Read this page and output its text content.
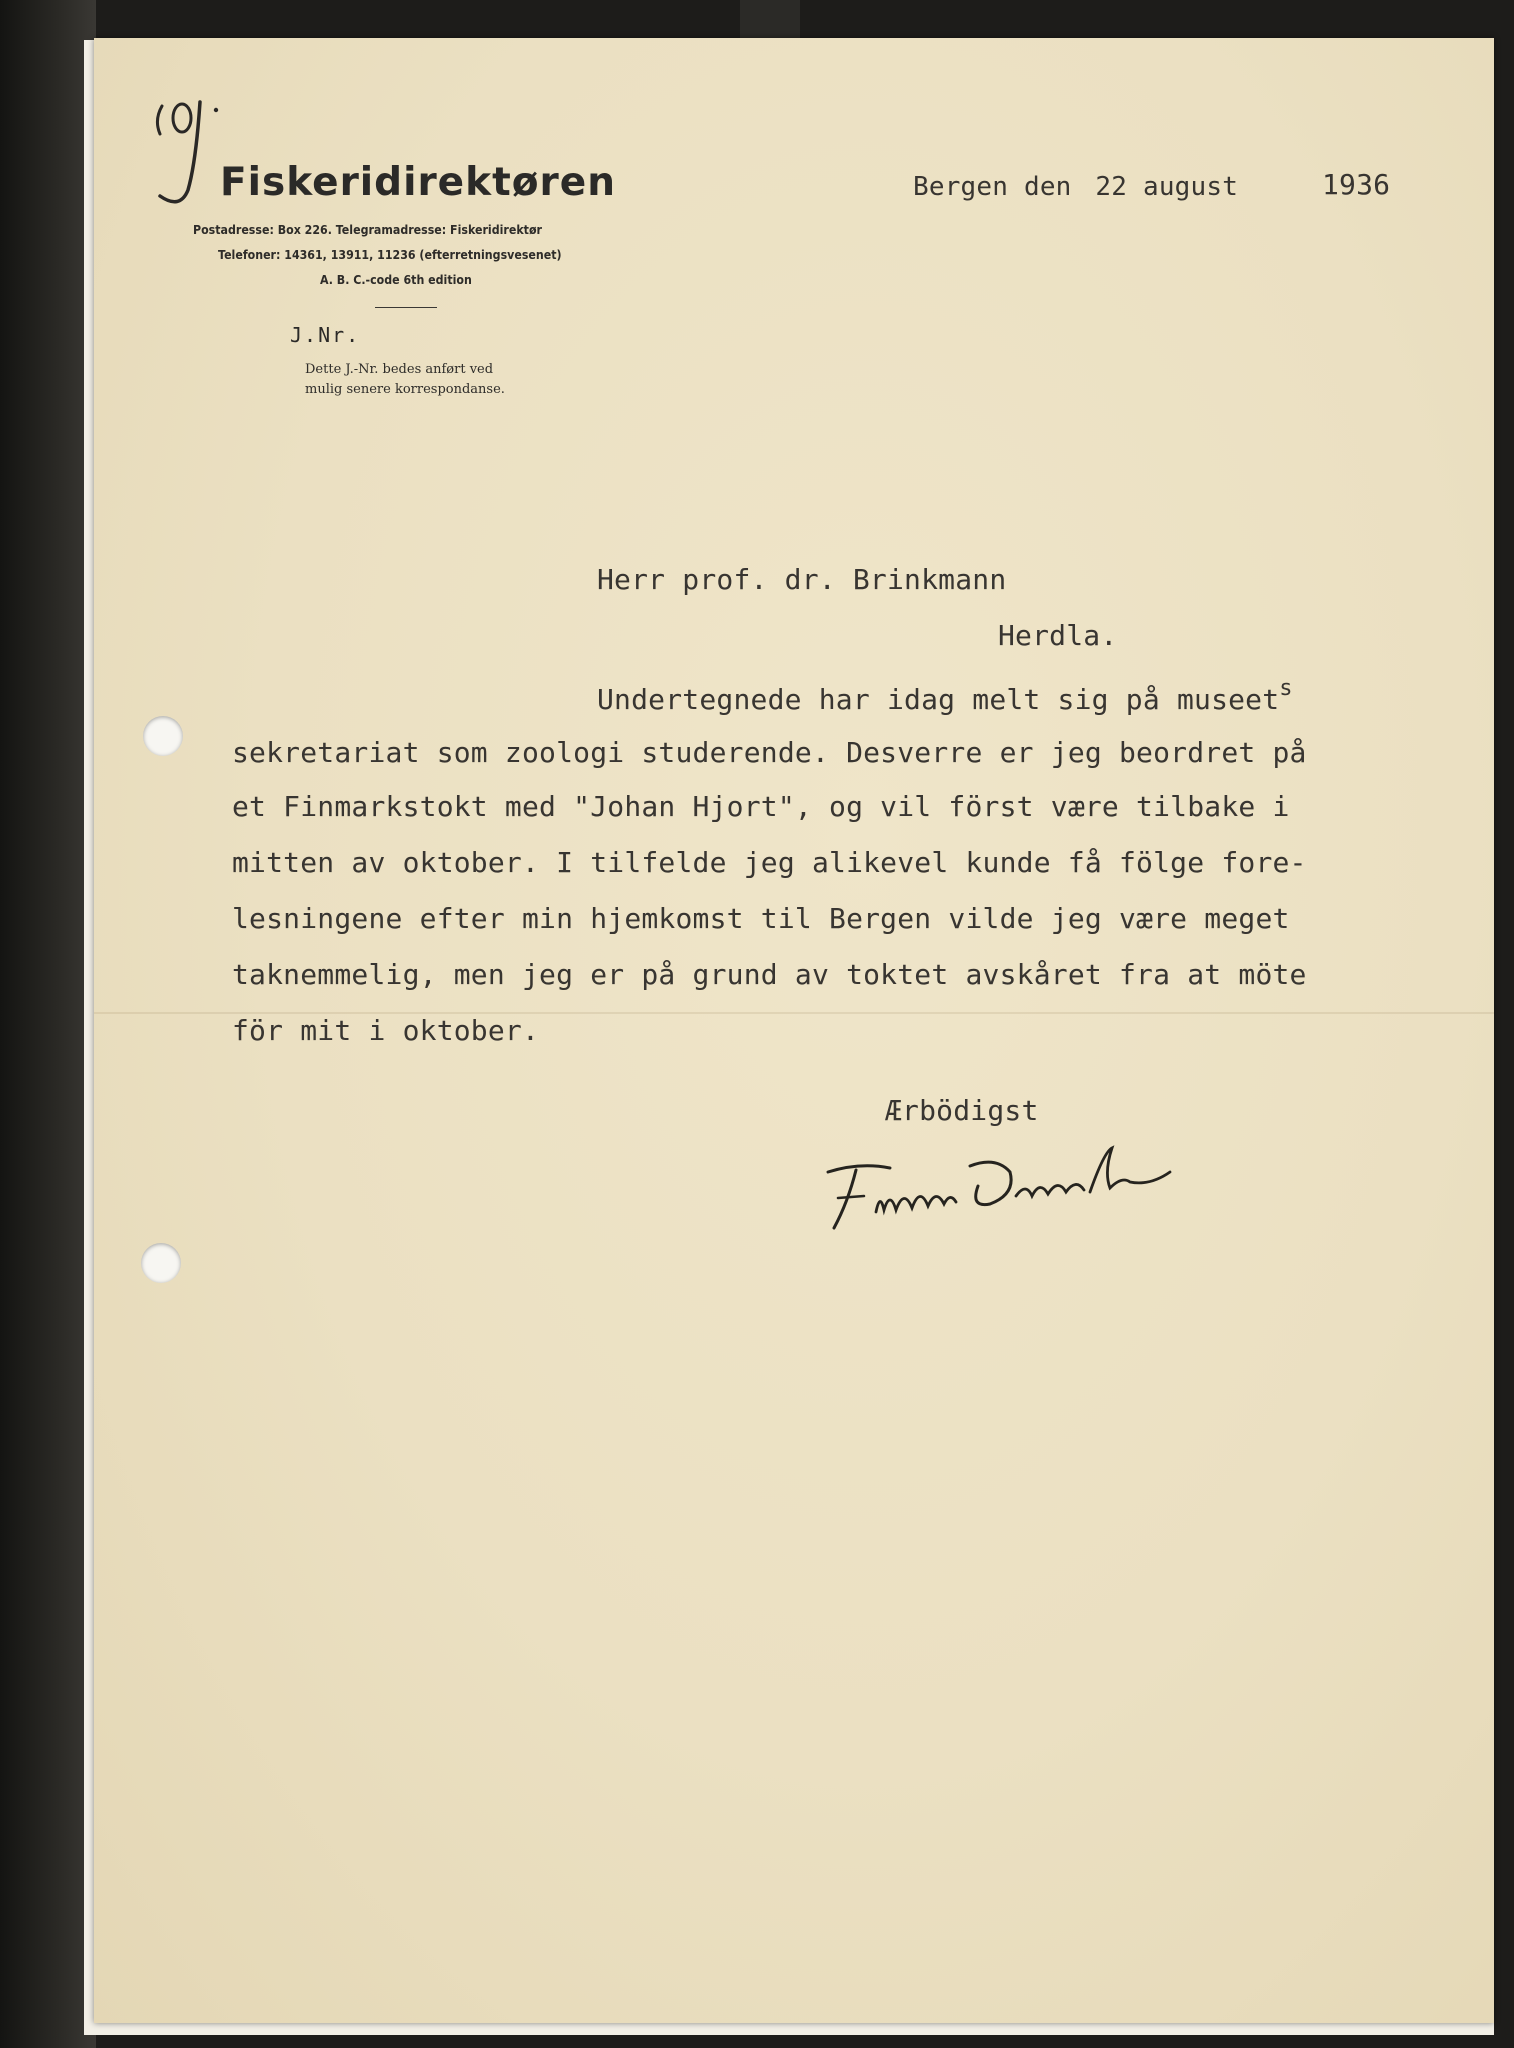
Fiskeridirektøren
Postadresse: Box 226. Telegramadresse: Fiskeridirektør
Telefoner: 14361, 13911, 11236 (efterretningsvesenet)
A. B. C.-code 6th edition
J.Nr.
Dette J.-Nr. bedes anført ved
mulig senere korrespondanse.
Bergen den 22 august	1936
Herr prof. dr. Brinkmann
Herdla.
Undertegnede har idag melt sig på museet$^s$
sekretariat som zoologi studerende. Desverre er jeg beordret på
et Finmarkstokt med "Johan Hjort", og vil först være tilbake i
mitten av oktober. I tilfelde jeg alikevel kunde få fölge fore-
lesningene efter min hjemkomst til Bergen vilde jeg være meget
taknemmelig, men jeg er på grund av toktet avskåret fra at möte
för mit i oktober.
Ærbödigst
